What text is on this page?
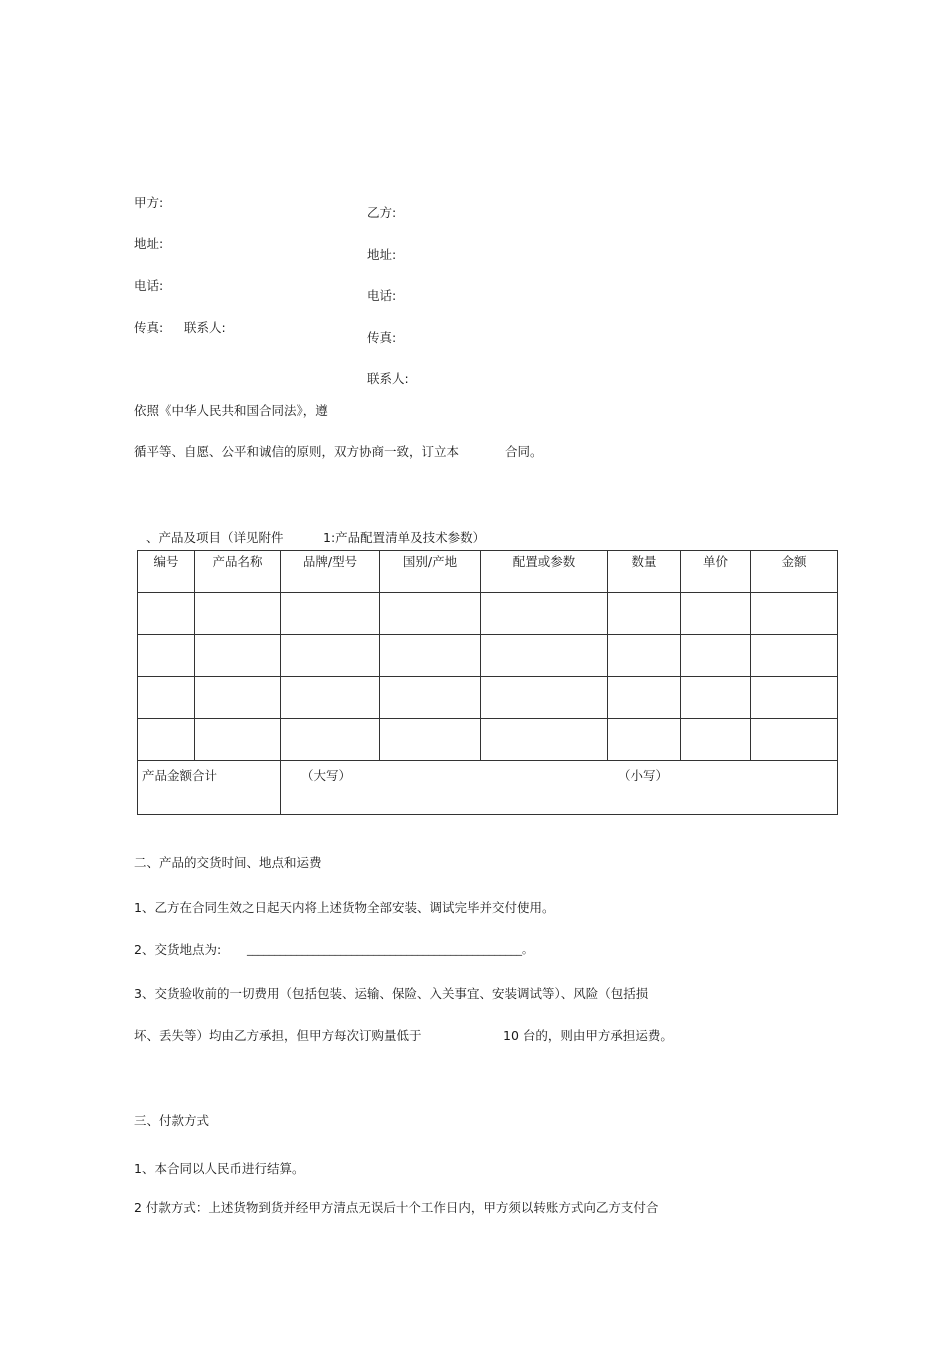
甲方:
地址:
电话:
传真: 联系人:
乙方:
地址:
电话:
传真:
联系人:
依照《中华人民共和国合同法》，遵
循平等、自愿、公平和诚信的原则，双方协商一致，订立本	合同。
、产品及项目（详见附件	1:产品配置清单及技术参数）
编号	产品名称	品牌/型号	国别/产地	配置或参数	数量	单价	金额

产品金额合计		（大写） （小写）					
二、产品的交货时间、地点和运费
1、乙方在合同生效之日起天内将上述货物全部安装、调试完毕并交付使用。
2、交货地点为: __________________________________________________。
3、交货验收前的一切费用（包括包装、运输、保险、入关事宜、安装调试等）、风险（包括损
坏、丢失等）均由乙方承担，但甲方每次订购量低于	10 台的，则由甲方承担运费。
三、付款方式
1、本合同以人民币进行结算。
2 付款方式：上述货物到货并经甲方清点无误后十个工作日内，甲方须以转账方式向乙方支付合
